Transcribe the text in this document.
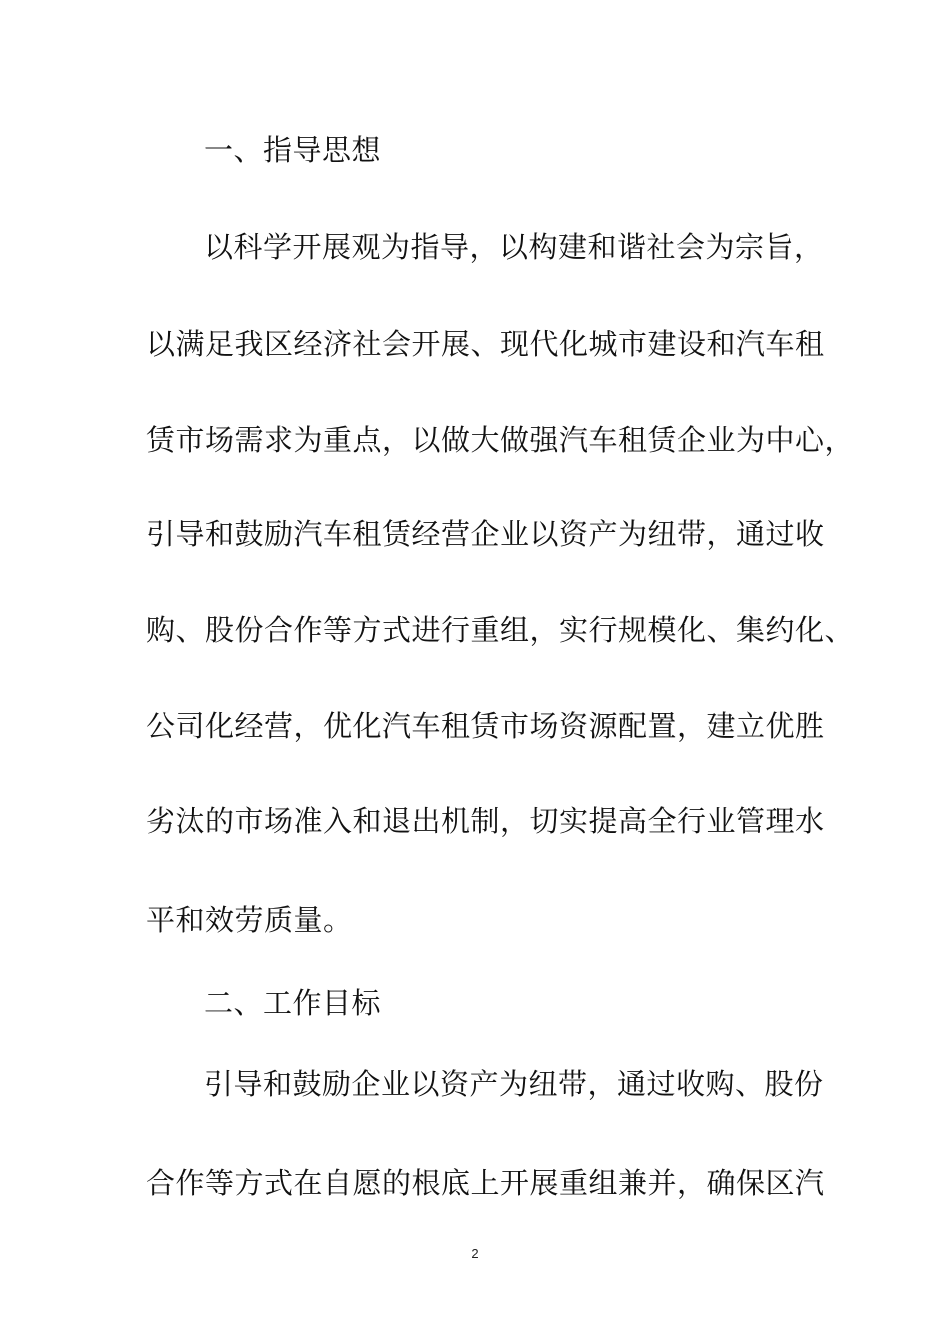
一、指导思想
以科学开展观为指导，以构建和谐社会为宗旨，
以满足我区经济社会开展、现代化城市建设和汽车租
赁市场需求为重点，以做大做强汽车租赁企业为中心，
引导和鼓励汽车租赁经营企业以资产为纽带，通过收
购、股份合作等方式进行重组，实行规模化、集约化、
公司化经营，优化汽车租赁市场资源配置，建立优胜
劣汰的市场准入和退出机制，切实提高全行业管理水
平和效劳质量。
二、工作目标
引导和鼓励企业以资产为纽带，通过收购、股份
合作等方式在自愿的根底上开展重组兼并，确保区汽
2
